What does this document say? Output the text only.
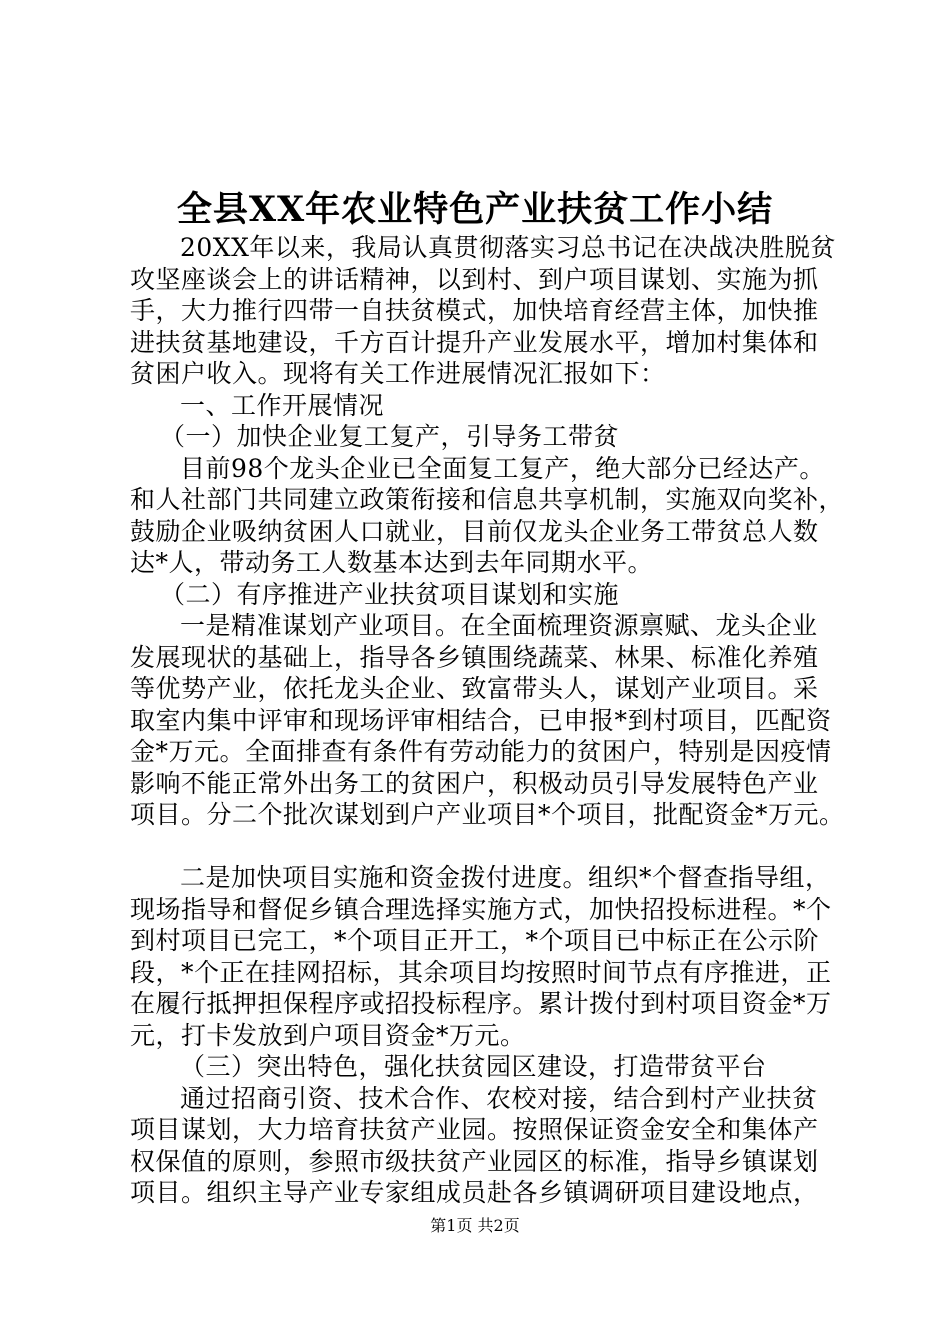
全县XX年农业特色产业扶贫工作小结
20XX年以来，我局认真贯彻落实习总书记在决战决胜脱贫
攻坚座谈会上的讲话精神，以到村、到户项目谋划、实施为抓
手，大力推行四带一自扶贫模式，加快培育经营主体，加快推
进扶贫基地建设，千方百计提升产业发展水平，增加村集体和
贫困户收入。现将有关工作进展情况汇报如下：
一、工作开展情况
（一）加快企业复工复产，引导务工带贫
目前98个龙头企业已全面复工复产，绝大部分已经达产。
和人社部门共同建立政策衔接和信息共享机制，实施双向奖补，
鼓励企业吸纳贫困人口就业，目前仅龙头企业务工带贫总人数
达*人，带动务工人数基本达到去年同期水平。
（二）有序推进产业扶贫项目谋划和实施
一是精准谋划产业项目。在全面梳理资源禀赋、龙头企业
发展现状的基础上，指导各乡镇围绕蔬菜、林果、标准化养殖
等优势产业，依托龙头企业、致富带头人，谋划产业项目。采
取室内集中评审和现场评审相结合，已申报*到村项目，匹配资
金*万元。全面排查有条件有劳动能力的贫困户，特别是因疫情
影响不能正常外出务工的贫困户，积极动员引导发展特色产业
项目。分二个批次谋划到户产业项目*个项目，批配资金*万元。
二是加快项目实施和资金拨付进度。组织*个督查指导组，
现场指导和督促乡镇合理选择实施方式，加快招投标进程。*个
到村项目已完工，*个项目正开工，*个项目已中标正在公示阶
段，*个正在挂网招标，其余项目均按照时间节点有序推进，正
在履行抵押担保程序或招投标程序。累计拨付到村项目资金*万
元，打卡发放到户项目资金*万元。
（三）突出特色，强化扶贫园区建设，打造带贫平台
通过招商引资、技术合作、农校对接，结合到村产业扶贫
项目谋划，大力培育扶贫产业园。按照保证资金安全和集体产
权保值的原则，参照市级扶贫产业园区的标准，指导乡镇谋划
项目。组织主导产业专家组成员赴各乡镇调研项目建设地点，
第1页 共2页
